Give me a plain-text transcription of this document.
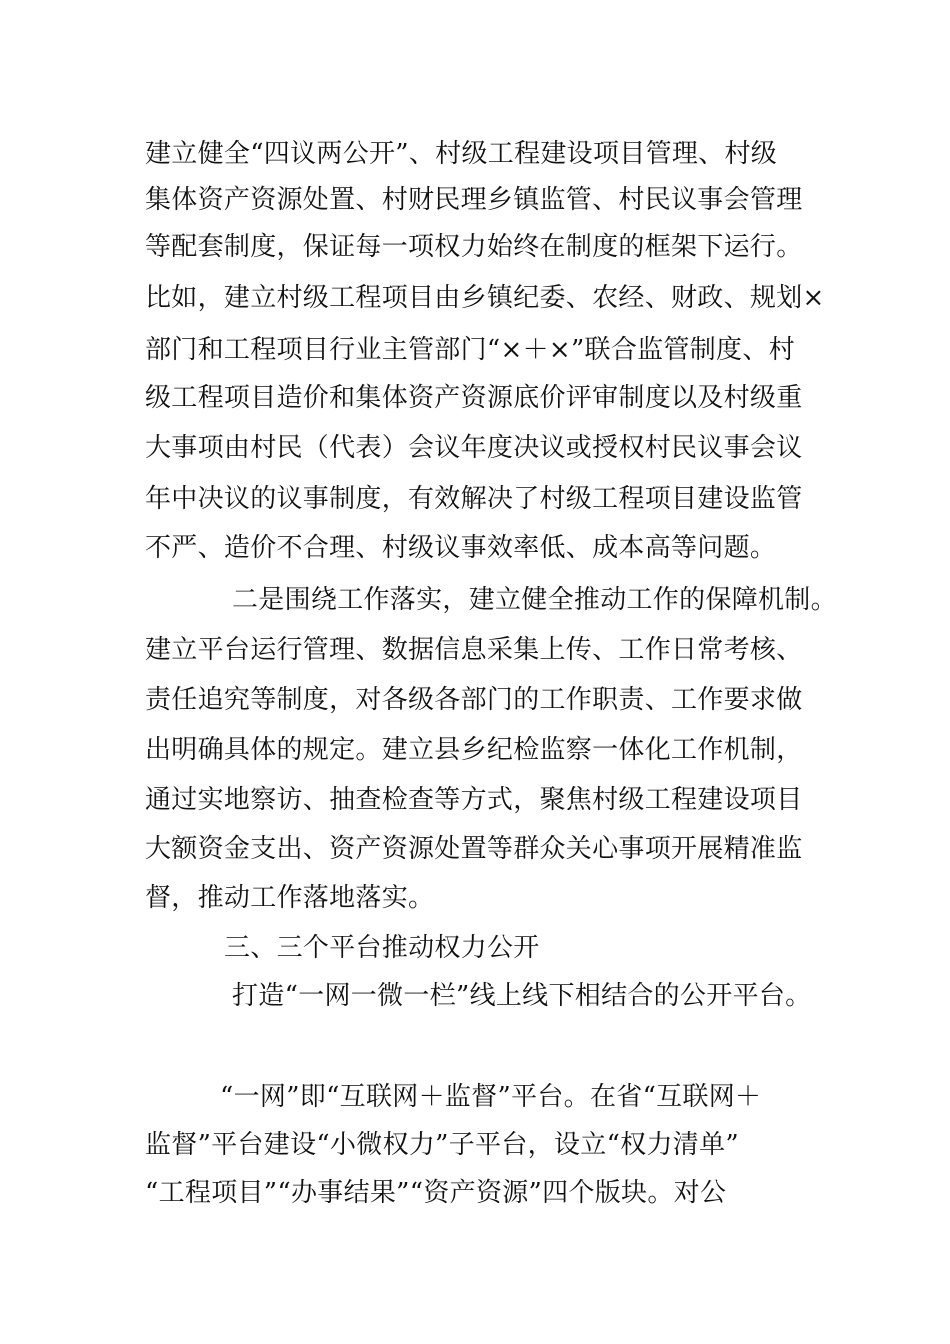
建立健全“四议两公开”、村级工程建设项目管理、村级
集体资产资源处置、村财民理乡镇监管、村民议事会管理
等配套制度，保证每一项权力始终在制度的框架下运行。
比如，建立村级工程项目由乡镇纪委、农经、财政、规划×
部门和工程项目行业主管部门“×＋×”联合监管制度、村
级工程项目造价和集体资产资源底价评审制度以及村级重
大事项由村民（代表）会议年度决议或授权村民议事会议
年中决议的议事制度，有效解决了村级工程项目建设监管
不严、造价不合理、村级议事效率低、成本高等问题。
二是围绕工作落实，建立健全推动工作的保障机制。
建立平台运行管理、数据信息采集上传、工作日常考核、
责任追究等制度，对各级各部门的工作职责、工作要求做
出明确具体的规定。建立县乡纪检监察一体化工作机制，
通过实地察访、抽查检查等方式，聚焦村级工程建设项目
大额资金支出、资产资源处置等群众关心事项开展精准监
督，推动工作落地落实。
三、三个平台推动权力公开
打造“一网一微一栏”线上线下相结合的公开平台。
“一网”即“互联网＋监督”平台。在省“互联网＋
监督”平台建设“小微权力”子平台，设立“权力清单”
“工程项目”“办事结果”“资产资源”四个版块。对公
